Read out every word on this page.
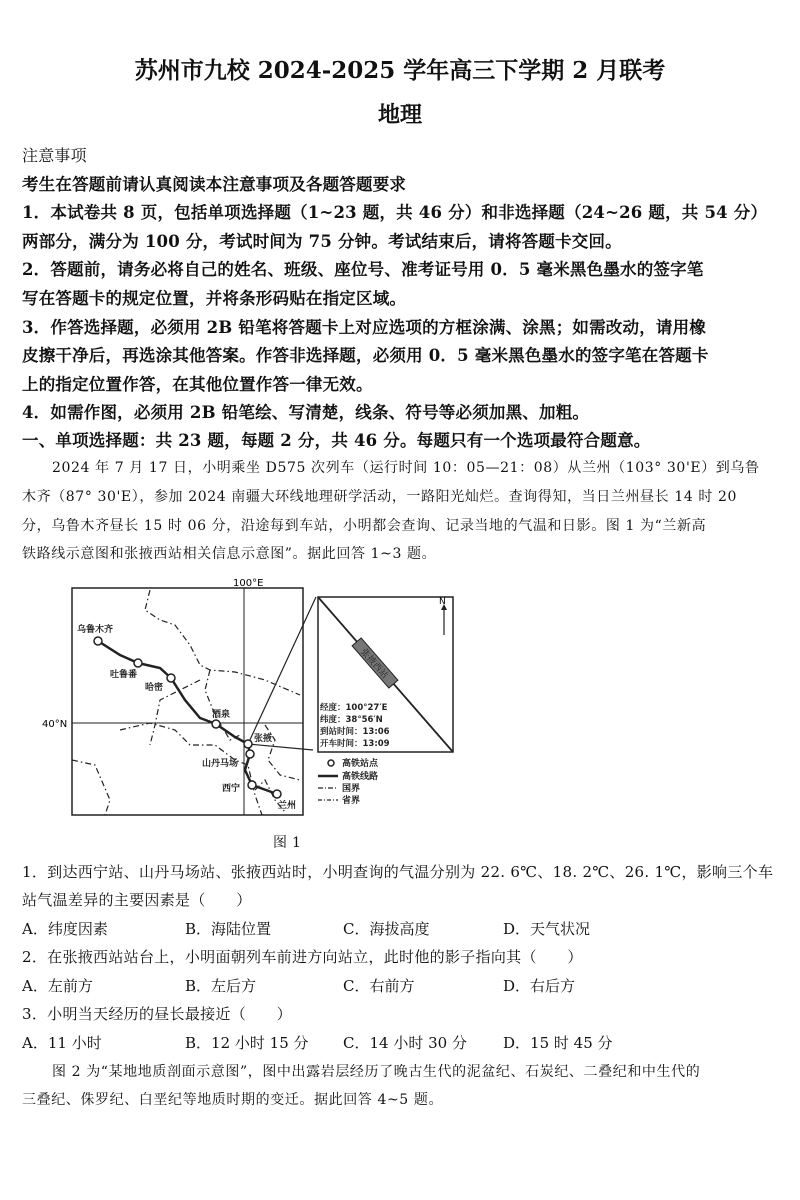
苏州市九校 2024-2025 学年高三下学期 2 月联考
地理
注意事项
考生在答题前请认真阅读本注意事项及各题答题要求
1．本试卷共 8 页，包括单项选择题（1~23 题，共 46 分）和非选择题（24~26 题，共 54 分）
两部分，满分为 100 分，考试时间为 75 分钟。考试结束后，请将答题卡交回。
2．答题前，请务必将自己的姓名、班级、座位号、准考证号用 0．5 毫米黑色墨水的签字笔
写在答题卡的规定位置，并将条形码贴在指定区域。
3．作答选择题，必须用 2B 铅笔将答题卡上对应选项的方框涂满、涂黑；如需改动，请用橡
皮擦干净后，再选涂其他答案。作答非选择题，必须用 0．5 毫米黑色墨水的签字笔在答题卡
上的指定位置作答，在其他位置作答一律无效。
4．如需作图，必须用 2B 铅笔绘、写清楚，线条、符号等必须加黑、加粗。
一、单项选择题：共 23 题，每题 2 分，共 46 分。每题只有一个选项最符合题意。
2024 年 7 月 17 日，小明乘坐 D575 次列车（运行时间 10：05—21：08）从兰州（103° 30'E）到乌鲁
木齐（87° 30'E），参加 2024 南疆大环线地理研学活动，一路阳光灿烂。查询得知，当日兰州昼长 14 时 20
分，乌鲁木齐昼长 15 时 06 分，沿途每到车站，小明都会查询、记录当地的气温和日影。图 1 为“兰新高
铁路线示意图和张掖西站相关信息示意图”。据此回答 1~3 题。
N
张掖西站
经度：100°27′E
纬度：38°56′N
到站时间：13:06
开车时间：13:09
乌鲁木齐
吐鲁番
哈密
酒泉
张掖
山丹马场
西宁
兰州
100°E
40°N
高铁站点
高铁线路
国界
省界
图 1
1．到达西宁站、山丹马场站、张掖西站时，小明查询的气温分别为 22. 6℃、18. 2℃、26. 1℃，影响三个车
站气温差异的主要因素是（　　）
A．纬度因素	B．海陆位置	C．海拔高度	D．天气状况
2．在张掖西站站台上，小明面朝列车前进方向站立，此时他的影子指向其（　　）
A．左前方	B．左后方	C．右前方	D．右后方
3．小明当天经历的昼长最接近（　　）
A．11 小时	B．12 小时 15 分 C．14 小时 30 分 D．15 时 45 分
图 2 为“某地地质剖面示意图”，图中出露岩层经历了晚古生代的泥盆纪、石炭纪、二叠纪和中生代的
三叠纪、侏罗纪、白垩纪等地质时期的变迁。据此回答 4~5 题。
